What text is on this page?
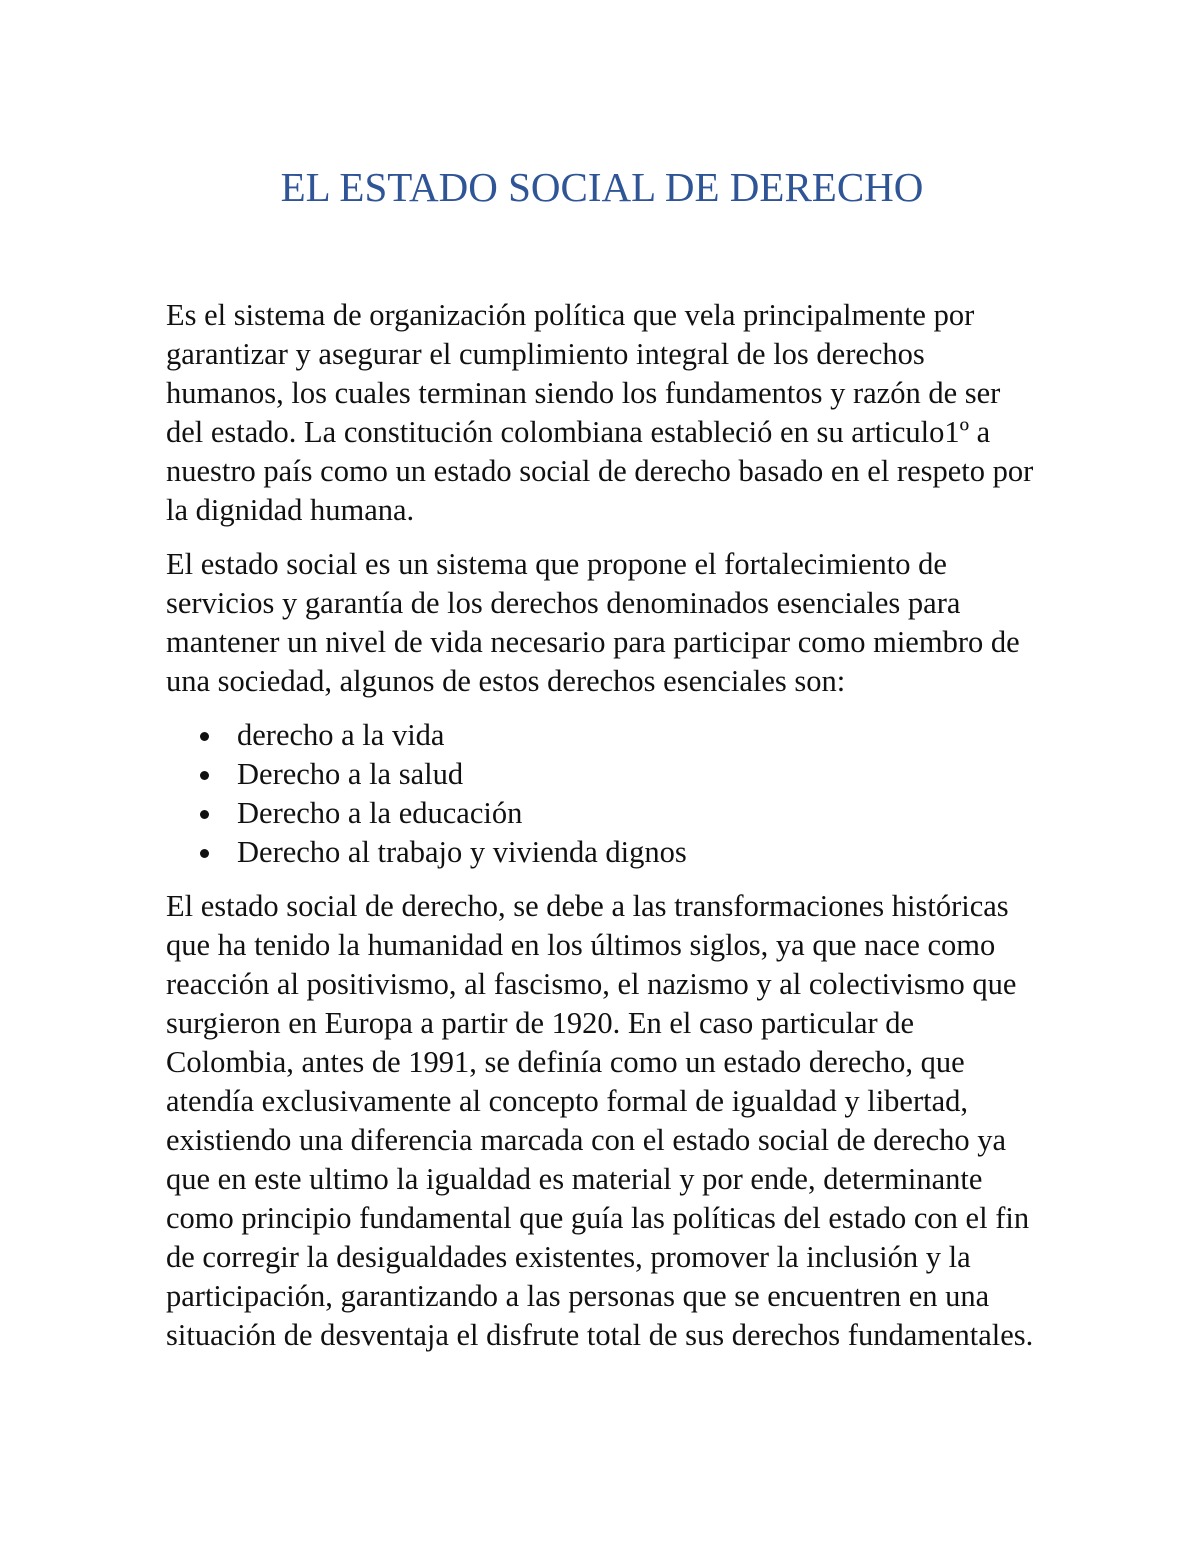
EL ESTADO SOCIAL DE DERECHO

Es el sistema de organización política que vela principalmente por garantizar y asegurar el cumplimiento integral de los derechos humanos, los cuales terminan siendo los fundamentos y razón de ser del estado. La constitución colombiana estableció en su articulo1º a nuestro país como un estado social de derecho basado en el respeto por la dignidad humana.

El estado social es un sistema que propone el fortalecimiento de servicios y garantía de los derechos denominados esenciales para mantener un nivel de vida necesario para participar como miembro de una sociedad, algunos de estos derechos esenciales son:

derecho a la vida
Derecho a la salud
Derecho a la educación
Derecho al trabajo y vivienda dignos

El estado social de derecho, se debe a las transformaciones históricas que ha tenido la humanidad en los últimos siglos, ya que nace como reacción al positivismo, al fascismo, el nazismo y al colectivismo que surgieron en Europa a partir de 1920. En el caso particular de Colombia, antes de 1991, se definía como un estado derecho, que atendía exclusivamente al concepto formal de igualdad y libertad, existiendo una diferencia marcada con el estado social de derecho ya que en este ultimo la igualdad es material y por ende, determinante como principio fundamental que guía las políticas del estado con el fin de corregir la desigualdades existentes, promover la inclusión y la participación, garantizando a las personas que se encuentren en una situación de desventaja el disfrute total de sus derechos fundamentales.
